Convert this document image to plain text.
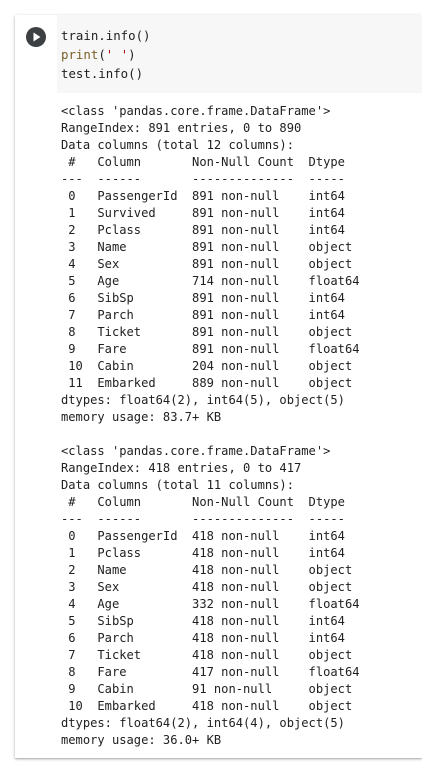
train.info()
print(' ')
test.info()
<class 'pandas.core.frame.DataFrame'>
RangeIndex: 891 entries, 0 to 890
Data columns (total 12 columns):
#   Column       Non-Null Count  Dtype
---  ------       --------------  -----
0   PassengerId  891 non-null    int64
1   Survived     891 non-null    int64
2   Pclass       891 non-null    int64
3   Name         891 non-null    object
4   Sex          891 non-null    object
5   Age          714 non-null    float64
6   SibSp        891 non-null    int64
7   Parch        891 non-null    int64
8   Ticket       891 non-null    object
9   Fare         891 non-null    float64
10  Cabin        204 non-null    object
11  Embarked     889 non-null    object
dtypes: float64(2), int64(5), object(5)
memory usage: 83.7+ KB
<class 'pandas.core.frame.DataFrame'>
RangeIndex: 418 entries, 0 to 417
Data columns (total 11 columns):
#   Column       Non-Null Count  Dtype
---  ------       --------------  -----
0   PassengerId  418 non-null    int64
1   Pclass       418 non-null    int64
2   Name         418 non-null    object
3   Sex          418 non-null    object
4   Age          332 non-null    float64
5   SibSp        418 non-null    int64
6   Parch        418 non-null    int64
7   Ticket       418 non-null    object
8   Fare         417 non-null    float64
9   Cabin        91 non-null     object
10  Embarked     418 non-null    object
dtypes: float64(2), int64(4), object(5)
memory usage: 36.0+ KB
